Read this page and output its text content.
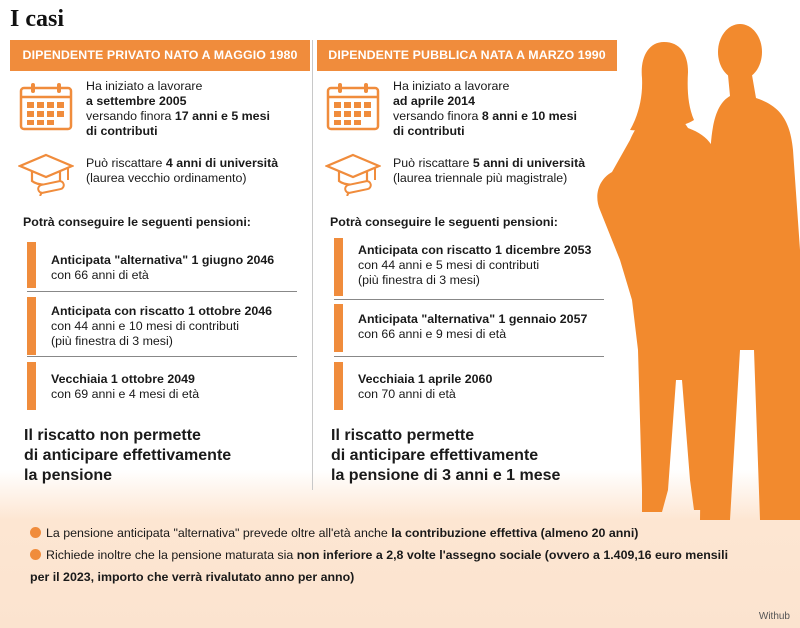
I casi
DIPENDENTE PRIVATO NATO A MAGGIO 1980
Ha iniziato a lavorare
a settembre 2005
versando finora 17 anni e 5 mesi
di contributi
Può riscattare 4 anni di università
(laurea vecchio ordinamento)
Potrà conseguire le seguenti pensioni:
Anticipata "alternativa" 1 giugno 2046
con 66 anni di età
Anticipata con riscatto 1 ottobre 2046
con 44 anni e 10 mesi di contributi
(più finestra di 3 mesi)
Vecchiaia 1 ottobre 2049
con 69 anni e 4 mesi di età
Il riscatto non permette
di anticipare effettivamente
la pensione
DIPENDENTE PUBBLICA NATA A MARZO 1990
Ha iniziato a lavorare
ad aprile 2014
versando finora 8 anni e 10 mesi
di contributi
Può riscattare 5 anni di università
(laurea triennale più magistrale)
Potrà conseguire le seguenti pensioni:
Anticipata con riscatto 1 dicembre 2053
con 44 anni e 5 mesi di contributi
(più finestra di 3 mesi)
Anticipata "alternativa" 1 gennaio 2057
con 66 anni e 9 mesi di età
Vecchiaia 1 aprile 2060
con 70 anni di età
Il riscatto permette
di anticipare effettivamente
la pensione di 3 anni e 1 mese
La pensione anticipata "alternativa" prevede oltre all'età anche la contribuzione effettiva (almeno 20 anni)
Richiede inoltre che la pensione maturata sia non inferiore a 2,8 volte l'assegno sociale (ovvero a 1.409,16 euro mensili
per il 2023, importo che verrà rivalutato anno per anno)
Withub
